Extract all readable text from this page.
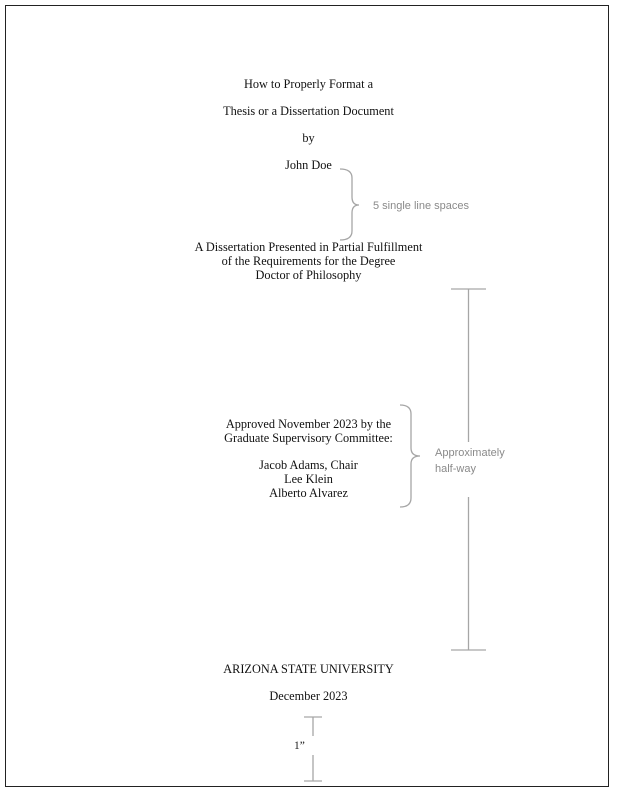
How to Properly Format a
Thesis or a Dissertation Document
by
John Doe
A Dissertation Presented in Partial Fulfillment
of the Requirements for the Degree
Doctor of Philosophy
Approved November 2023 by the
Graduate Supervisory Committee:
Jacob Adams, Chair
Lee Klein
Alberto Alvarez
ARIZONA STATE UNIVERSITY
December 2023
5 single line spaces
Approximately
half-way
1”
